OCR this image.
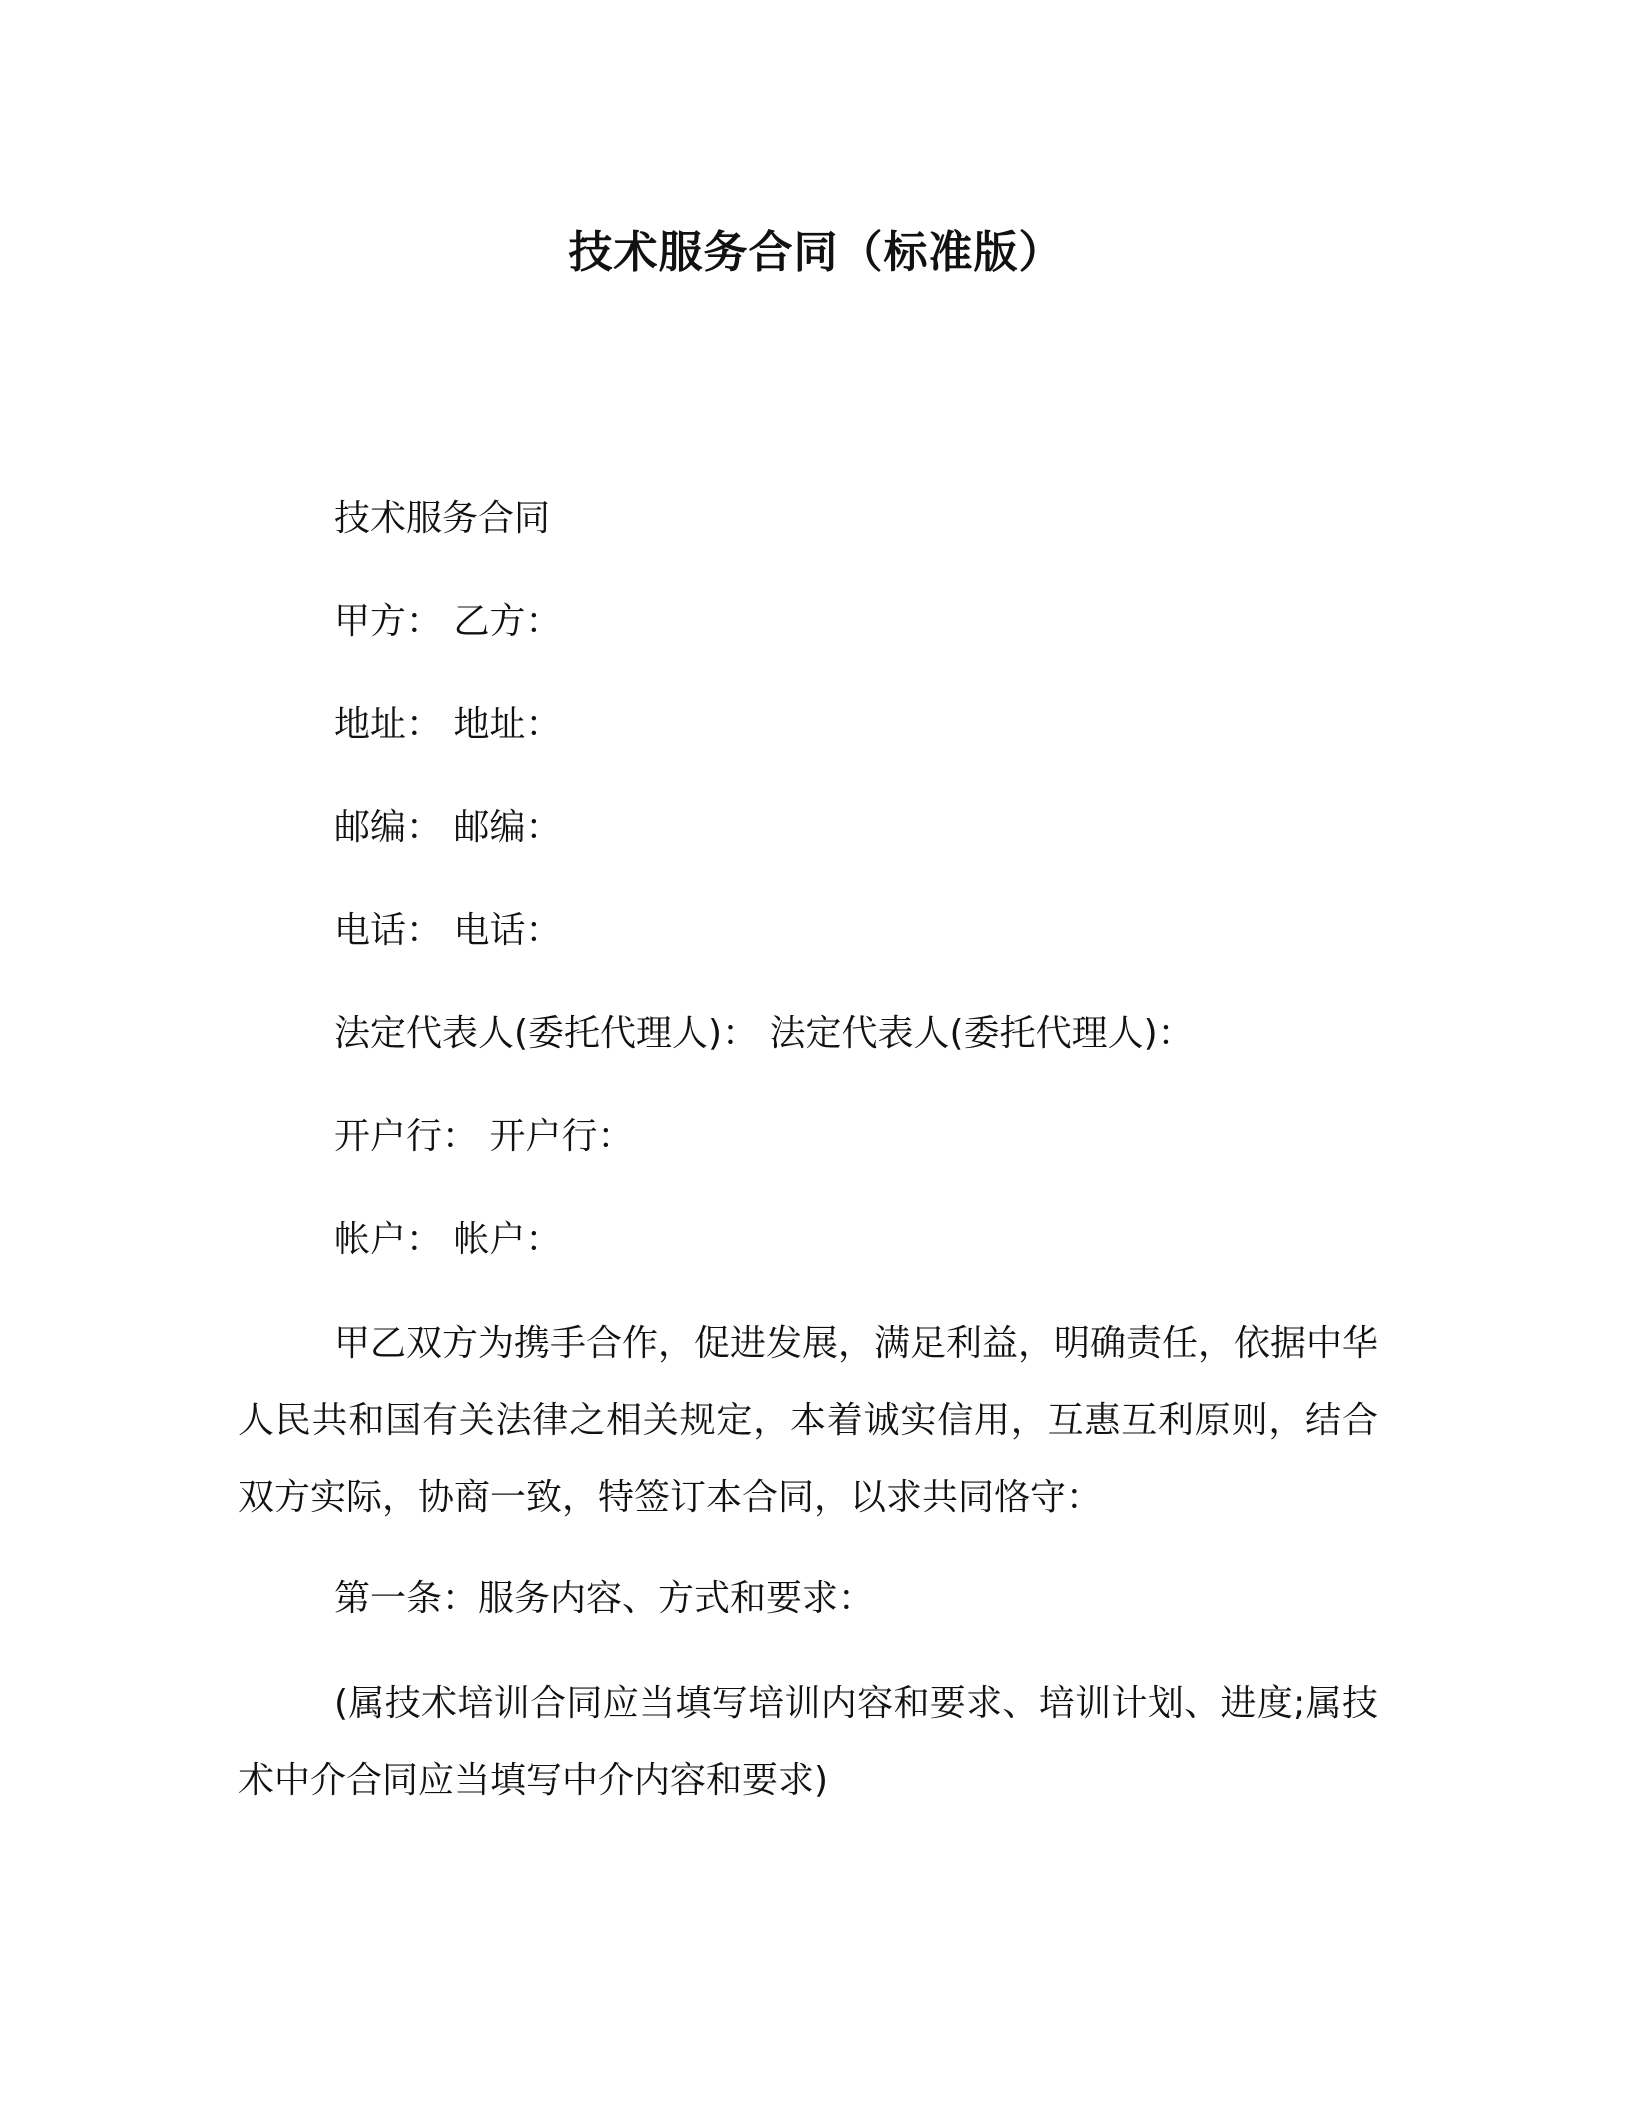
技术服务合同（标准版）
技术服务合同
甲方： 乙方：
地址： 地址：
邮编： 邮编：
电话： 电话：
法定代表人(委托代理人)： 法定代表人(委托代理人)：
开户行： 开户行：
帐户： 帐户：
甲乙双方为携手合作，促进发展，满足利益，明确责任，依据中华人民共和国有关法律之相关规定，本着诚实信用，互惠互利原则，结合双方实际，协商一致，特签订本合同，以求共同恪守：
第一条：服务内容、方式和要求：
(属技术培训合同应当填写培训内容和要求、培训计划、进度;属技术中介合同应当填写中介内容和要求)
